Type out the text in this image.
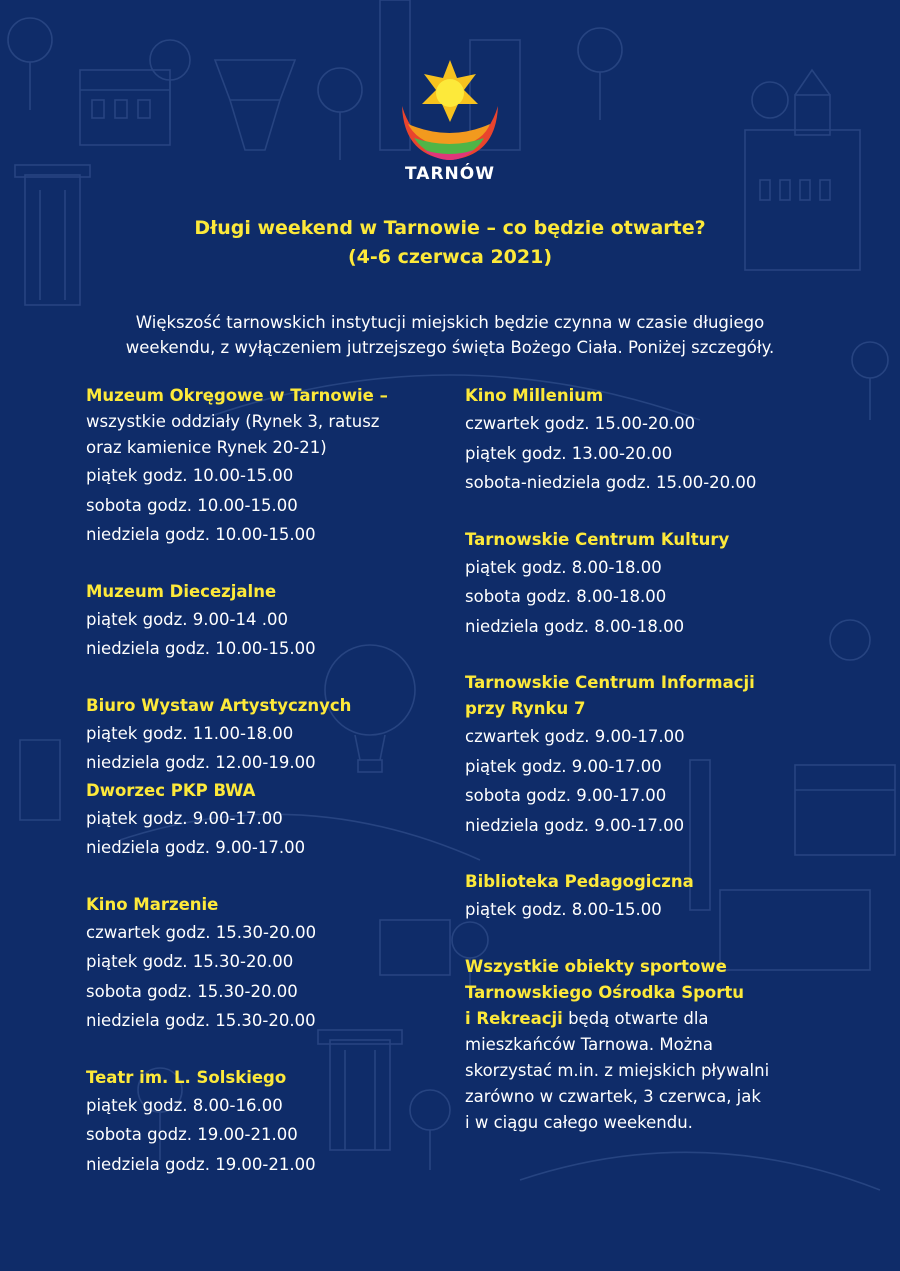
TARNÓW
Długi weekend w Tarnowie – co będzie otwarte?
(4-6 czerwca 2021)
Większość tarnowskich instytucji miejskich będzie czynna w czasie długiego
weekendu, z wyłączeniem jutrzejszego święta Bożego Ciała. Poniżej szczegóły.
Muzeum Okręgowe w Tarnowie –
wszystkie oddziały (Rynek 3, ratusz
oraz kamienice Rynek 20-21)
piątek godz. 10.00-15.00
sobota godz. 10.00-15.00
niedziela godz. 10.00-15.00
Muzeum Diecezjalne
piątek godz. 9.00-14 .00
niedziela godz. 10.00-15.00
Biuro Wystaw Artystycznych
piątek godz. 11.00-18.00
niedziela godz. 12.00-19.00
Dworzec PKP BWA
piątek godz. 9.00-17.00
niedziela godz. 9.00-17.00
Kino Marzenie
czwartek godz. 15.30-20.00
piątek godz. 15.30-20.00
sobota godz. 15.30-20.00
niedziela godz. 15.30-20.00
Teatr im. L. Solskiego
piątek godz. 8.00-16.00
sobota godz. 19.00-21.00
niedziela godz. 19.00-21.00
Kino Millenium
czwartek godz. 15.00-20.00
piątek godz. 13.00-20.00
sobota-niedziela godz. 15.00-20.00
Tarnowskie Centrum Kultury
piątek godz. 8.00-18.00
sobota godz. 8.00-18.00
niedziela godz. 8.00-18.00
Tarnowskie Centrum Informacji
przy Rynku 7
czwartek godz. 9.00-17.00
piątek godz. 9.00-17.00
sobota godz. 9.00-17.00
niedziela godz. 9.00-17.00
Biblioteka Pedagogiczna
piątek godz. 8.00-15.00
Wszystkie obiekty sportowe
Tarnowskiego Ośrodka Sportu
i Rekreacji będą otwarte dla
mieszkańców Tarnowa. Można
skorzystać m.in. z miejskich pływalni
zarówno w czwartek, 3 czerwca, jak
i w ciągu całego weekendu.
